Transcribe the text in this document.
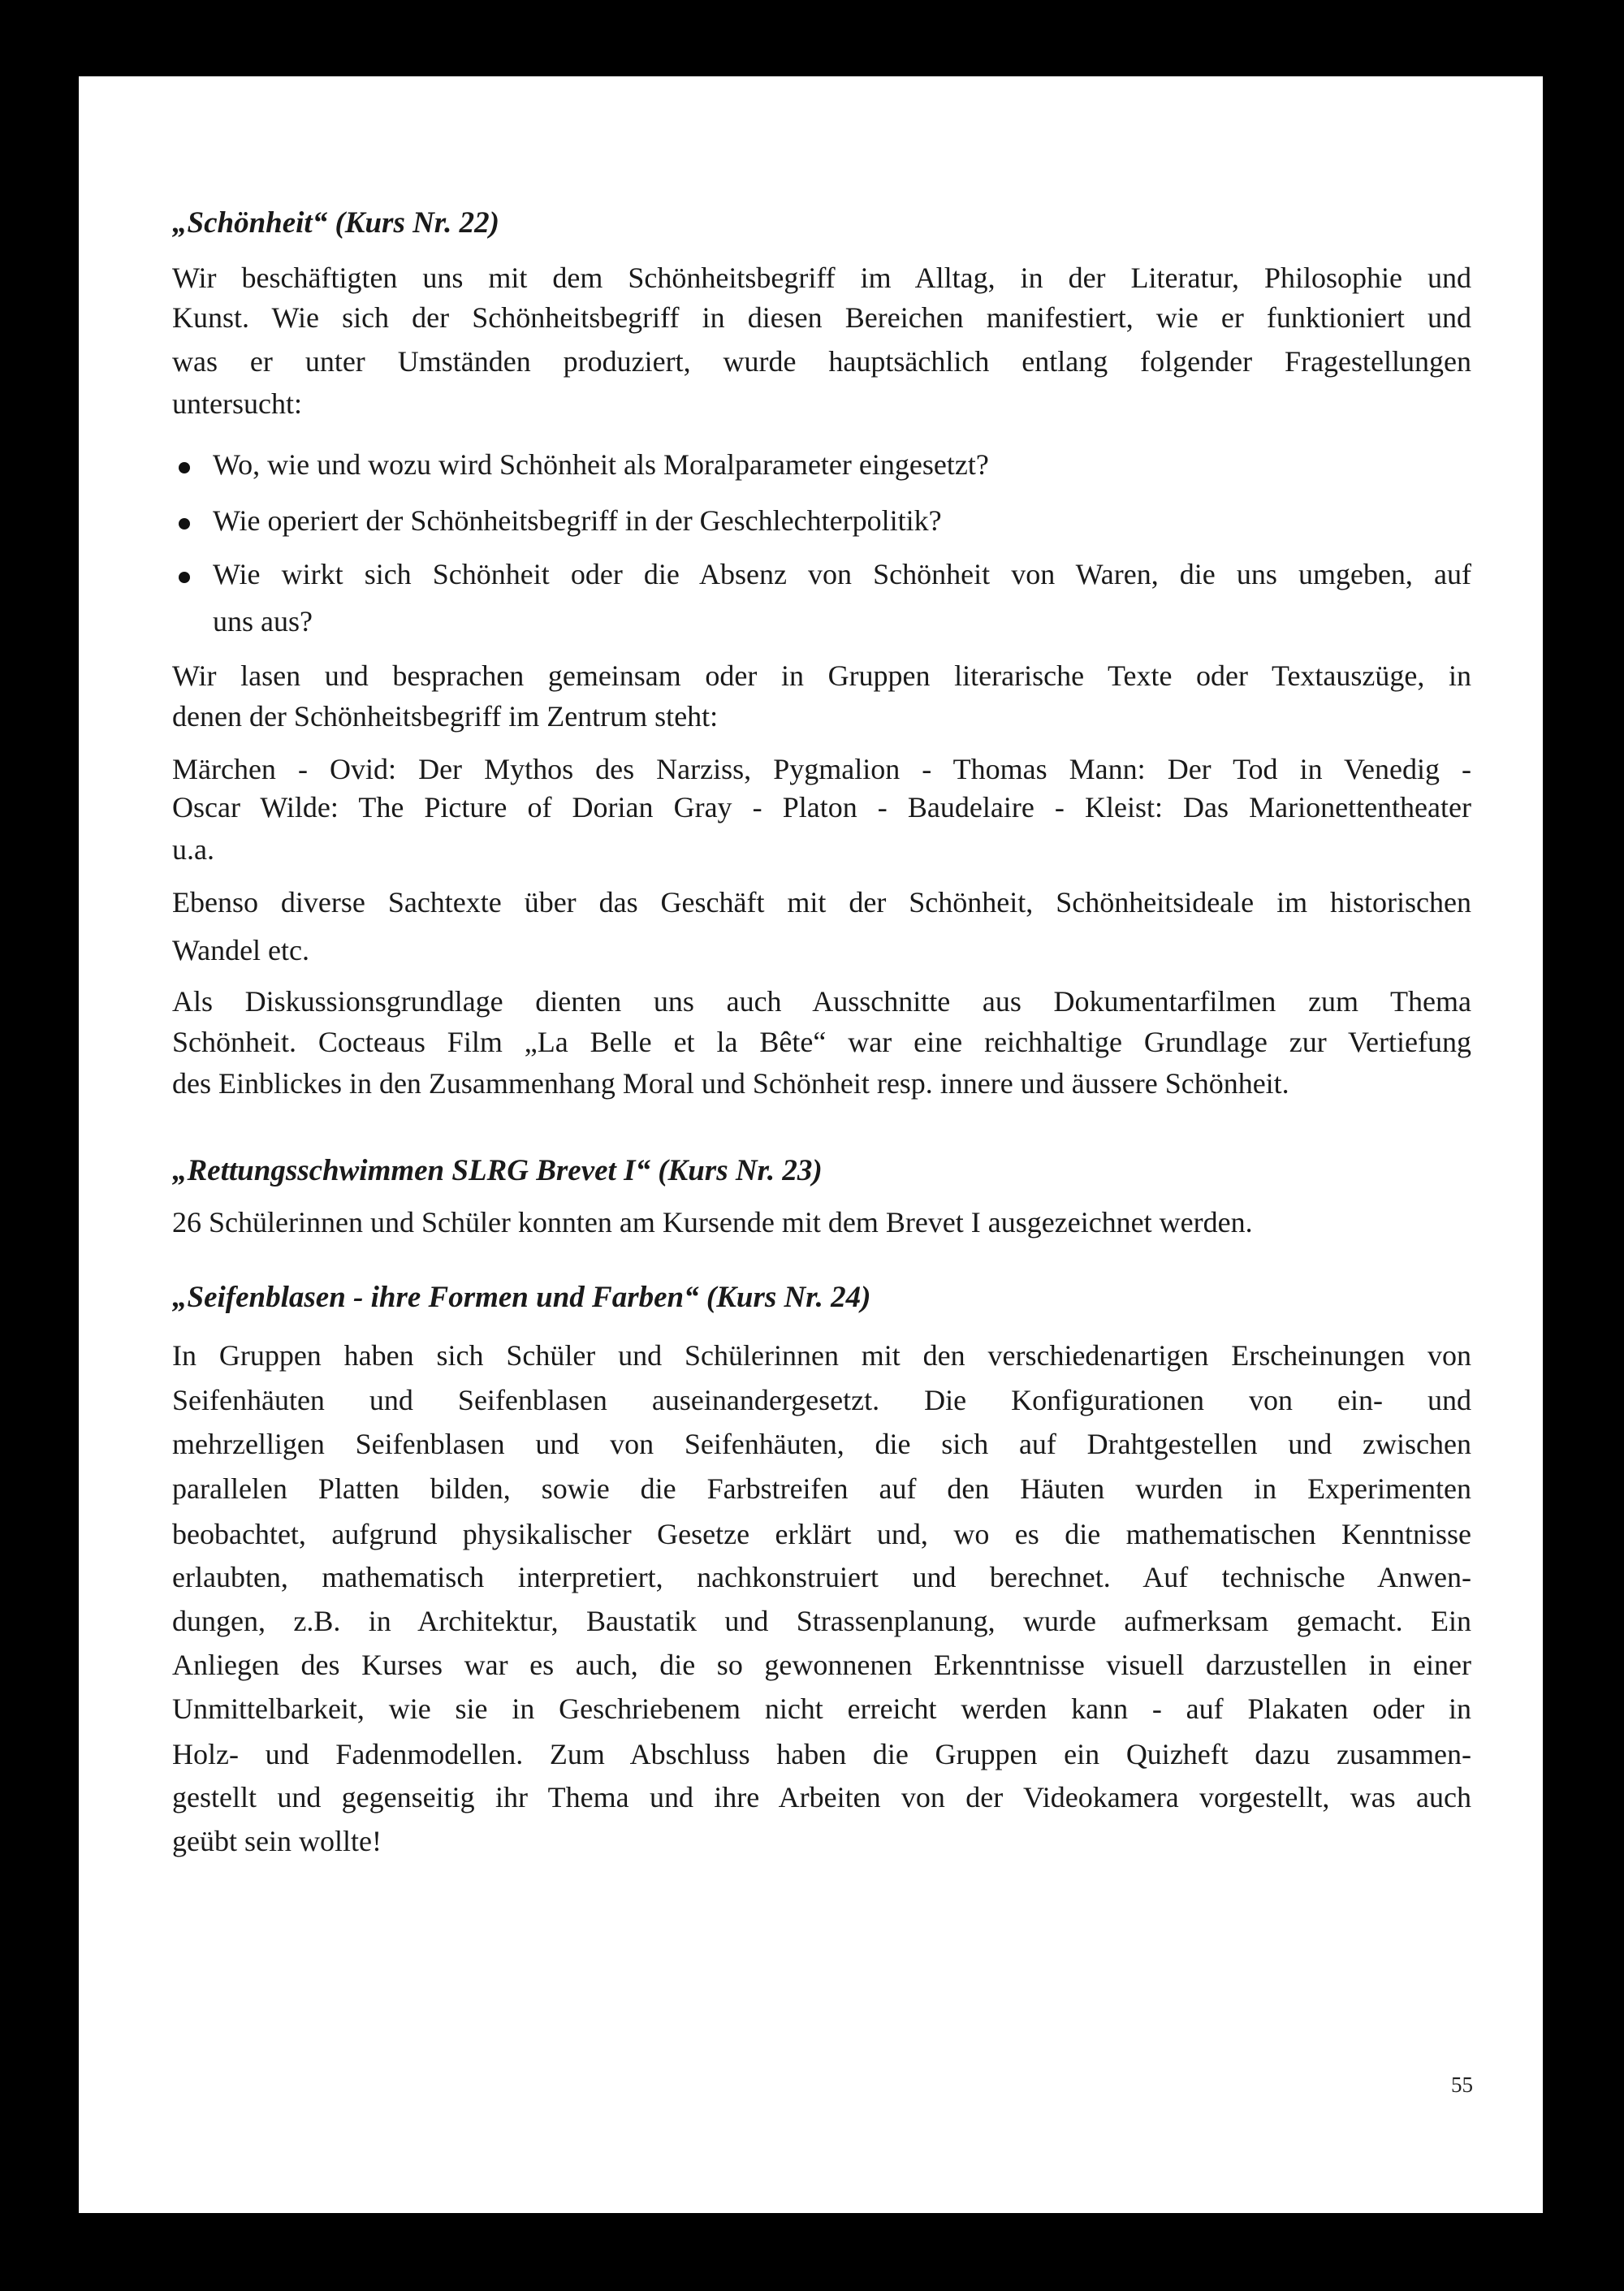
„Schönheit“ (Kurs Nr. 22)
Wir beschäftigten uns mit dem Schönheitsbegriff im Alltag, in der Literatur, Philosophie und
Kunst. Wie sich der Schönheitsbegriff in diesen Bereichen manifestiert, wie er funktioniert und
was er unter Umständen produziert, wurde hauptsächlich entlang folgender Fragestellungen
untersucht:
Wo, wie und wozu wird Schönheit als Moralparameter eingesetzt?
Wie operiert der Schönheitsbegriff in der Geschlechterpolitik?
Wie wirkt sich Schönheit oder die Absenz von Schönheit von Waren, die uns umgeben, auf
uns aus?
Wir lasen und besprachen gemeinsam oder in Gruppen literarische Texte oder Textauszüge, in
denen der Schönheitsbegriff im Zentrum steht:
Märchen - Ovid: Der Mythos des Narziss, Pygmalion - Thomas Mann: Der Tod in Venedig -
Oscar Wilde: The Picture of Dorian Gray - Platon - Baudelaire - Kleist: Das Marionettentheater
u.a.
Ebenso diverse Sachtexte über das Geschäft mit der Schönheit, Schönheitsideale im historischen
Wandel etc.
Als Diskussionsgrundlage dienten uns auch Ausschnitte aus Dokumentarfilmen zum Thema
Schönheit. Cocteaus Film „La Belle et la Bête“ war eine reichhaltige Grundlage zur Vertiefung
des Einblickes in den Zusammenhang Moral und Schönheit resp. innere und äussere Schönheit.
„Rettungsschwimmen SLRG Brevet I“ (Kurs Nr. 23)
26 Schülerinnen und Schüler konnten am Kursende mit dem Brevet I ausgezeichnet werden.
„Seifenblasen - ihre Formen und Farben“ (Kurs Nr. 24)
In Gruppen haben sich Schüler und Schülerinnen mit den verschiedenartigen Erscheinungen von
Seifenhäuten und Seifenblasen auseinandergesetzt. Die Konfigurationen von ein- und
mehrzelligen Seifenblasen und von Seifenhäuten, die sich auf Drahtgestellen und zwischen
parallelen Platten bilden, sowie die Farbstreifen auf den Häuten wurden in Experimenten
beobachtet, aufgrund physikalischer Gesetze erklärt und, wo es die mathematischen Kenntnisse
erlaubten, mathematisch interpretiert, nachkonstruiert und berechnet. Auf technische Anwen-
dungen, z.B. in Architektur, Baustatik und Strassenplanung, wurde aufmerksam gemacht. Ein
Anliegen des Kurses war es auch, die so gewonnenen Erkenntnisse visuell darzustellen in einer
Unmittelbarkeit, wie sie in Geschriebenem nicht erreicht werden kann - auf Plakaten oder in
Holz- und Fadenmodellen. Zum Abschluss haben die Gruppen ein Quizheft dazu zusammen-
gestellt und gegenseitig ihr Thema und ihre Arbeiten von der Videokamera vorgestellt, was auch
geübt sein wollte!
55
